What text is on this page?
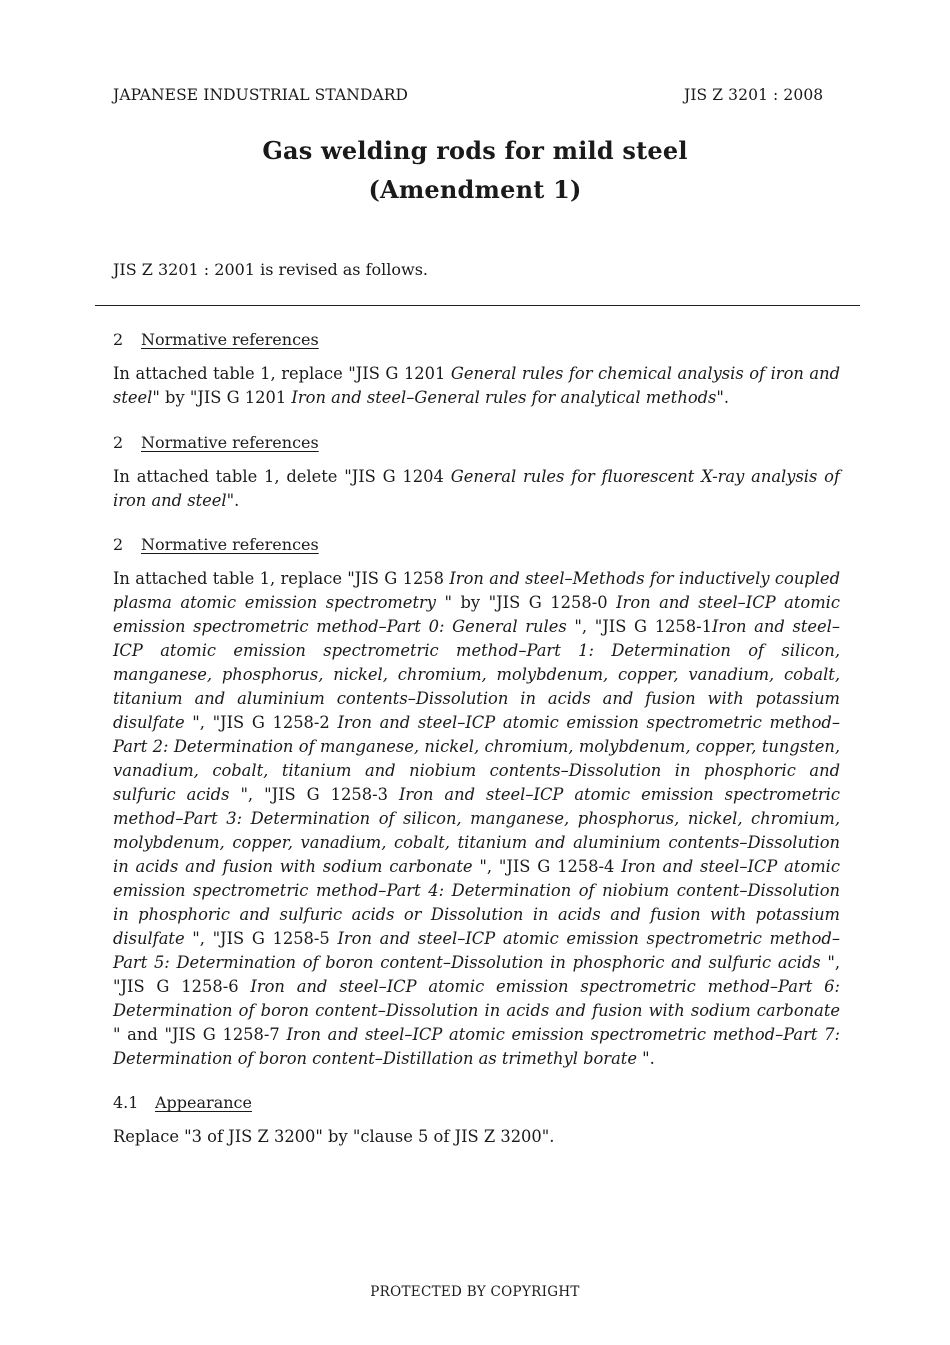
JAPANESE INDUSTRIAL STANDARD	JIS Z 3201 : 2008
Gas welding rods for mild steel
(Amendment 1)
JIS Z 3201 : 2001 is revised as follows.
2 Normative references
In attached table 1, replace "JIS G 1201 General rules for chemical analysis of iron and steel" by "JIS G 1201 Iron and steel–General rules for analytical methods".
2 Normative references
In attached table 1, delete "JIS G 1204 General rules for fluorescent X-ray analysis of iron and steel".
2 Normative references
In attached table 1, replace "JIS G 1258 Iron and steel–Methods for inductively coupled plasma atomic emission spectrometry " by "JIS G 1258-0 Iron and steel–ICP atomic emission spectrometric method–Part 0: General rules ", "JIS G 1258-1Iron and steel–ICP atomic emission spectrometric method–Part 1: Determination of silicon, manganese, phosphorus, nickel, chromium, molybdenum, copper, vanadium, cobalt, titanium and aluminium contents–Dissolution in acids and fusion with potassium disulfate ", "JIS G 1258-2 Iron and steel–ICP atomic emission spectrometric method–Part 2: Determination of manganese, nickel, chromium, molybdenum, copper, tungsten, vanadium, cobalt, titanium and niobium contents–Dissolution in phosphoric and sulfuric acids ", "JIS G 1258-3 Iron and steel–ICP atomic emission spectrometric method–Part 3: Determination of silicon, manganese, phosphorus, nickel, chromium, molybdenum, copper, vanadium, cobalt, titanium and aluminium contents–Dissolution in acids and fusion with sodium carbonate ", "JIS G 1258-4 Iron and steel–ICP atomic emission spectrometric method–Part 4: Determination of niobium content–Dissolution in phosphoric and sulfuric acids or Dissolution in acids and fusion with potassium disulfate ", "JIS G 1258-5 Iron and steel–ICP atomic emission spectrometric method–Part 5: Determination of boron content–Dissolution in phosphoric and sulfuric acids ", "JIS G 1258-6 Iron and steel–ICP atomic emission spectrometric method–Part 6: Determination of boron content–Dissolution in acids and fusion with sodium carbonate " and "JIS G 1258-7 Iron and steel–ICP atomic emission spectrometric method–Part 7: Determination of boron content–Distillation as trimethyl borate ".
4.1 Appearance
Replace "3 of JIS Z 3200" by "clause 5 of JIS Z 3200".
PROTECTED BY COPYRIGHT
